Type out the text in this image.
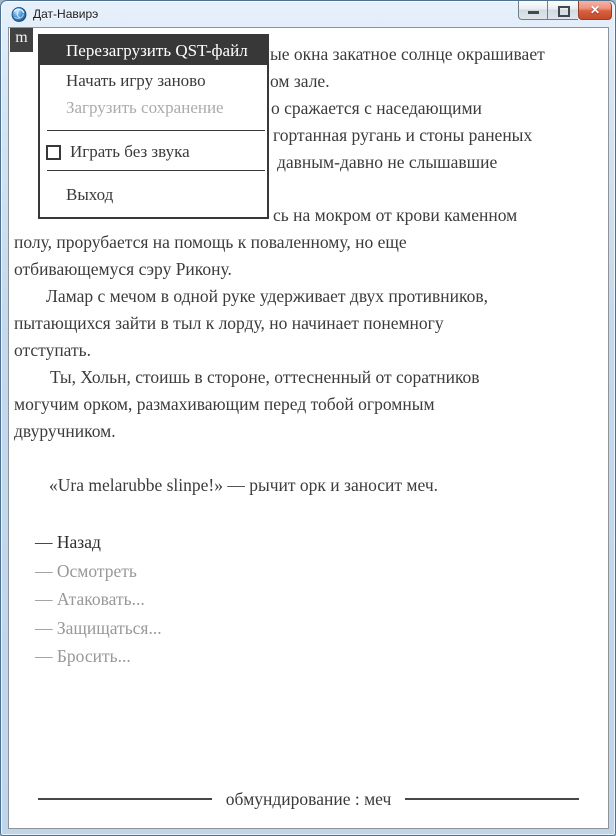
Дат-Навирэ	✕
m
ые окна закатное солнце окрашивает
ом зале.
о сражается с наседающими
гортанная ругань и стоны раненых
давным-давно не слышавшие
сь на мокром от крови каменном
полу, прорубается на помощь к поваленному, но еще
отбивающемуся сэру Рикону.
Ламар с мечом в одной руке удерживает двух противников,
пытающихся зайти в тыл к лорду, но начинает понемногу
отступать.
Ты, Хольн, стоишь в стороне, оттесненный от соратников
могучим орком, размахивающим перед тобой огромным
двуручником.
«Ura melarubbe slinpe!» — рычит орк и заносит меч.
— Назад
— Осмотреть
— Атаковать...
— Защищаться...
— Бросить...
обмундирование : меч
Перезагрузить QST-файл
Начать игру заново
Загрузить сохранение
Играть без звука
Выход
